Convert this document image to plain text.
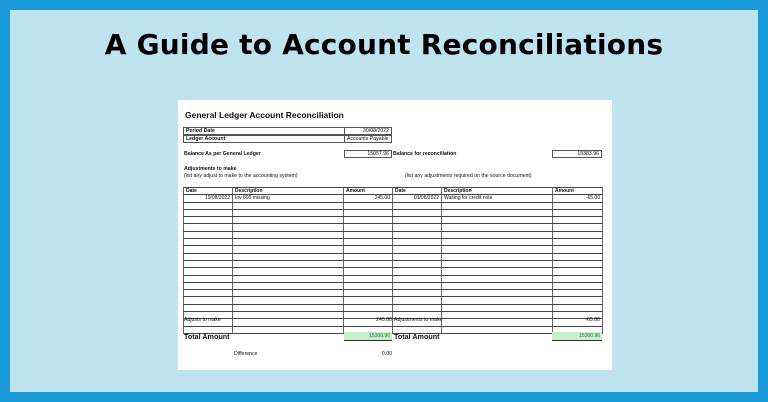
A Guide to Account Reconciliations
General Ledger Account Reconciliation
Period Date	30/08/2022
Ledger Account	Accounts Payable
Balance As per General Ledger	15057.96 Balance for reconciliation	15383.96
Adjustments to make
(list any adjust to make to the accounting system)	(list any adjustments required on the source document)
Date	Description	Amount	Date	Description	Amount
19/08/2022	Inv 895 missing	245.00	01/08/2022	Waiting for credit note	-65.00

Adjusts to make	245.00 Adjustments to make	-65.00
Total Amount	15300.96 Total Amount	15300.96
Difference	0.00
